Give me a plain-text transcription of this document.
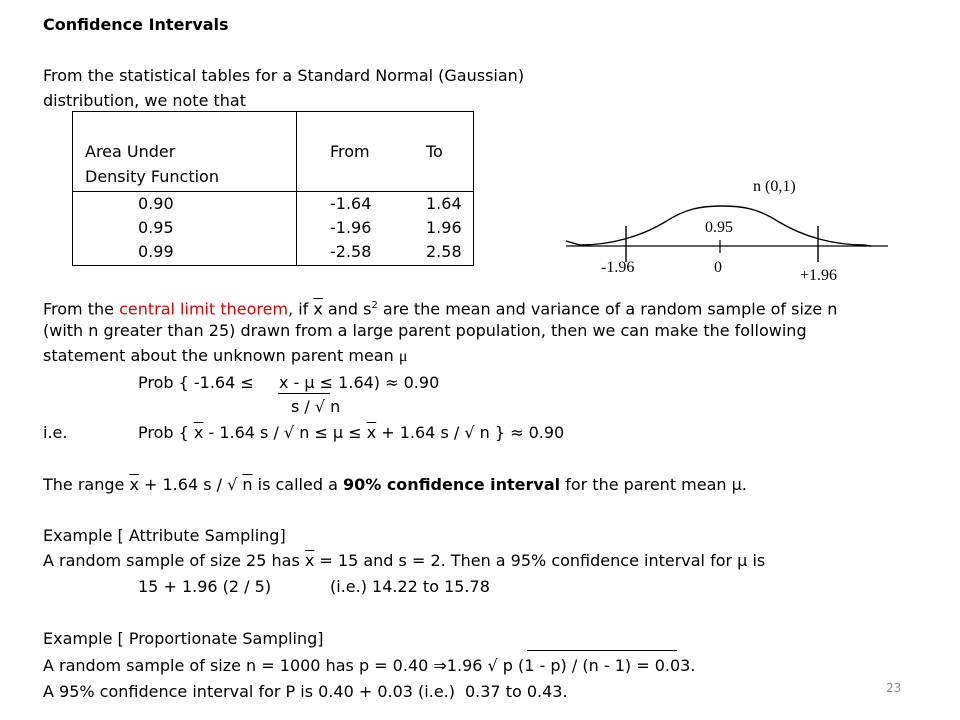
Confidence Intervals
From the statistical tables for a Standard Normal (Gaussian)
distribution, we note that
Area Under
Density Function
From	To
0.90	-1.64	1.64
0.95	-1.96	1.96
0.99	-2.58	2.58
n (0,1)
0.95
-1.96	0	+1.96
From the central limit theorem, if $\overline{x}$ and $s^2$ are the mean and variance of a random sample of size n
(with n greater than 25) drawn from a large parent population, then we can make the following
statement about the unknown parent mean μ
Prob { -1.64 ≤ x - μ ≤ 1.64) ≈ 0.90
s / √ n
i.e.	Prob { $\overline{x} - 1.64$ s / √ $n \le \mu \le \overline{x} + 1.64$ s / √ n } ≈ 0.90
The range $\overline{x} + 1.64$ s / √ n is called a 90% confidence interval for the parent mean μ.
Example [ Attribute Sampling]
A random sample of size 25 has $\overline{x} = 15$ and s = 2. Then a 95% confidence interval for μ is
15 + 1.96 (2 / 5)	(i.e.) 14.22 to 15.78
Example [ Proportionate Sampling]
A random sample of size n = 1000 has p = 0.40 ⇒1.96 √ p (1 - p) / (n - 1) = 0.03.
A 95% confidence interval for P is 0.40 + 0.03 (i.e.) 0.37 to 0.43.	23
